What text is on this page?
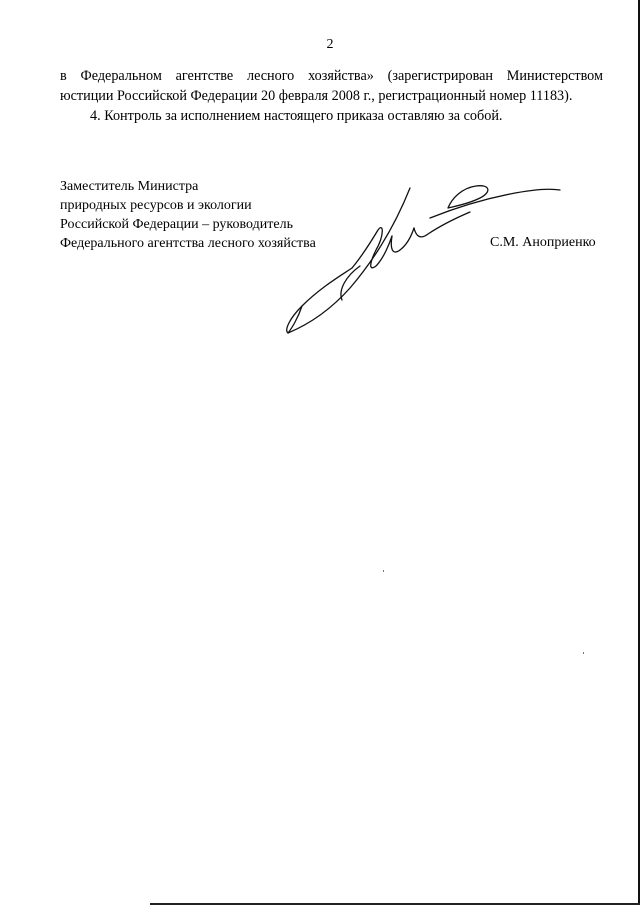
2

в Федеральном агентстве лесного хозяйства» (зарегистрирован Министерством
юстиции Российской Федерации 20 февраля 2008 г., регистрационный номер 11183).

4. Контроль за исполнением настоящего приказа оставляю за собой.

Заместитель Министра
природных ресурсов и экологии
Российской Федерации – руководитель
Федерального агентства лесного хозяйства	С.М. Аноприенко
